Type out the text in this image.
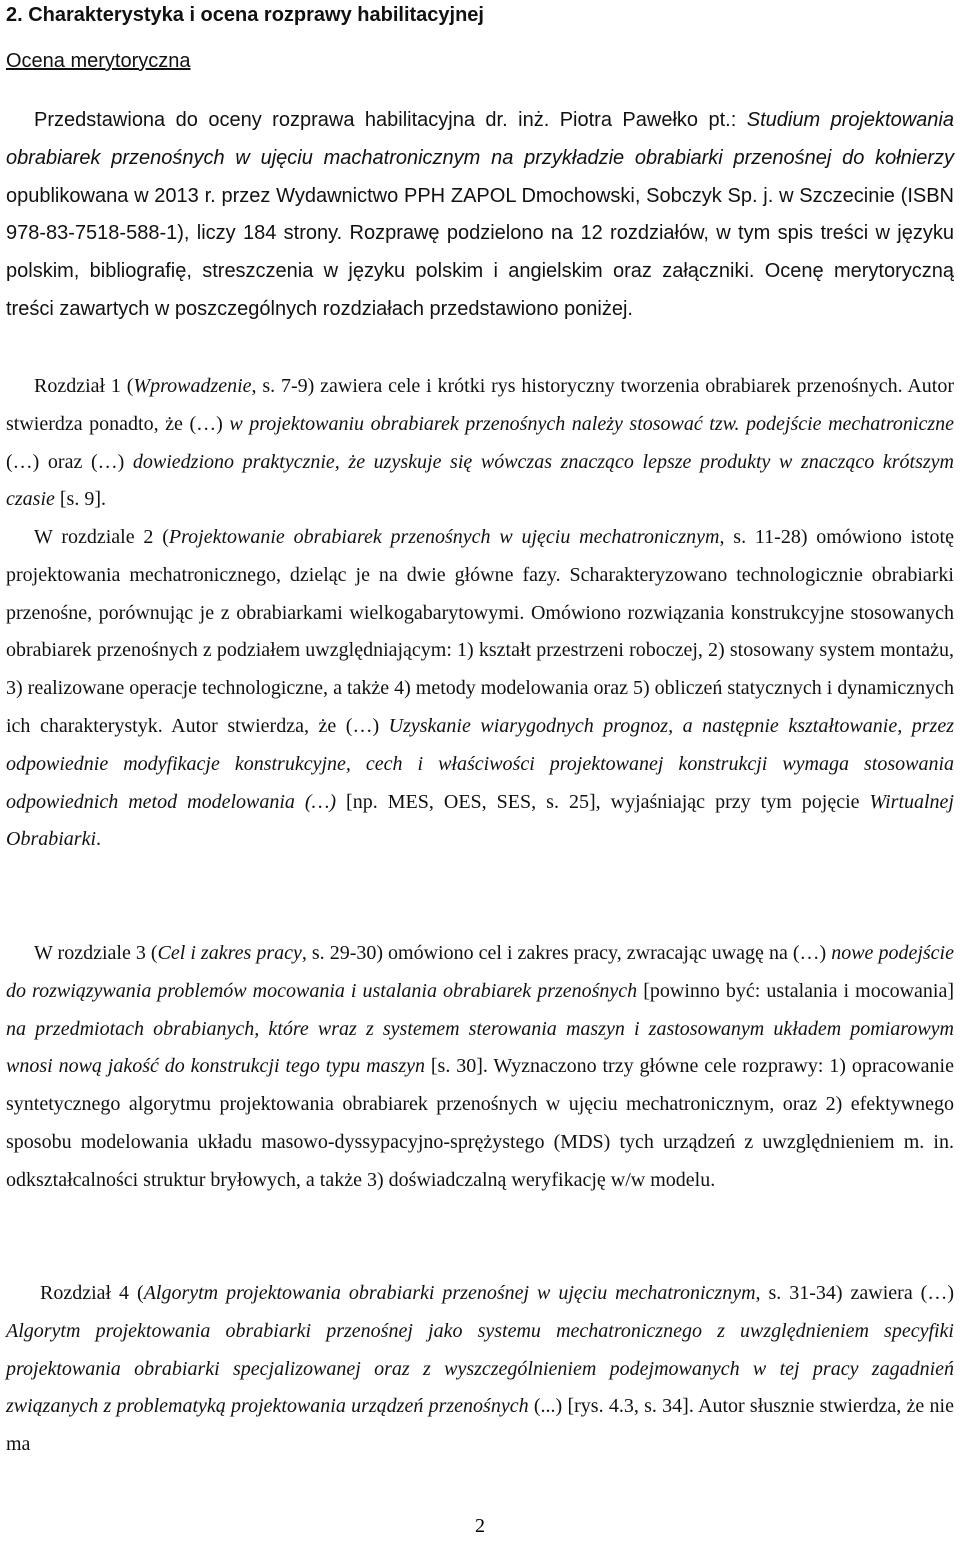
2. Charakterystyka i ocena rozprawy habilitacyjnej
Ocena merytoryczna

Przedstawiona do oceny rozprawa habilitacyjna dr. inż. Piotra Pawełko pt.: Studium projektowania obrabiarek przenośnych w ujęciu machatronicznym na przykładzie obrabiarki przenośnej do kołnierzy opublikowana w 2013 r. przez Wydawnictwo PPH ZAPOL Dmochowski, Sobczyk Sp. j. w Szczecinie (ISBN 978-83-7518-588-1), liczy 184 strony. Rozprawę podzielono na 12 rozdziałów, w tym spis treści w języku polskim, bibliografię, streszczenia w języku polskim i angielskim oraz załączniki. Ocenę merytoryczną treści zawartych w poszczególnych rozdziałach przedstawiono poniżej.

Rozdział 1 (Wprowadzenie, s. 7-9) zawiera cele i krótki rys historyczny tworzenia obrabiarek przenośnych. Autor stwierdza ponadto, że (…) w projektowaniu obrabiarek przenośnych należy stosować tzw. podejście mechatroniczne (…) oraz (…) dowiedziono praktycznie, że uzyskuje się wówczas znacząco lepsze produkty w znacząco krótszym czasie [s. 9].

W rozdziale 2 (Projektowanie obrabiarek przenośnych w ujęciu mechatronicznym, s. 11-28) omówiono istotę projektowania mechatronicznego, dzieląc je na dwie główne fazy. Scharakteryzowano technologicznie obrabiarki przenośne, porównując je z obrabiarkami wielkogabarytowymi. Omówiono rozwiązania konstrukcyjne stosowanych obrabiarek przenośnych z podziałem uwzględniającym: 1) kształt przestrzeni roboczej, 2) stosowany system montażu, 3) realizowane operacje technologiczne, a także 4) metody modelowania oraz 5) obliczeń statycznych i dynamicznych ich charakterystyk. Autor stwierdza, że (…) Uzyskanie wiarygodnych prognoz, a następnie kształtowanie, przez odpowiednie modyfikacje konstrukcyjne, cech i właściwości projektowanej konstrukcji wymaga stosowania odpowiednich metod modelowania (…) [np. MES, OES, SES, s. 25], wyjaśniając przy tym pojęcie Wirtualnej Obrabiarki.

W rozdziale 3 (Cel i zakres pracy, s. 29-30) omówiono cel i zakres pracy, zwracając uwagę na (…) nowe podejście do rozwiązywania problemów mocowania i ustalania obrabiarek przenośnych [powinno być: ustalania i mocowania] na przedmiotach obrabianych, które wraz z systemem sterowania maszyn i zastosowanym układem pomiarowym wnosi nową jakość do konstrukcji tego typu maszyn [s. 30]. Wyznaczono trzy główne cele rozprawy: 1) opracowanie syntetycznego algorytmu projektowania obrabiarek przenośnych w ujęciu mechatronicznym, oraz 2) efektywnego sposobu modelowania układu masowo-dyssypacyjno-sprężystego (MDS) tych urządzeń z uwzględnieniem m. in. odkształcalności struktur bryłowych, a także 3) doświadczalną weryfikację w/w modelu.

Rozdział 4 (Algorytm projektowania obrabiarki przenośnej w ujęciu mechatronicznym, s. 31-34) zawiera (…) Algorytm projektowania obrabiarki przenośnej jako systemu mechatronicznego z uwzględnieniem specyfiki projektowania obrabiarki specjalizowanej oraz z wyszczególnieniem podejmowanych w tej pracy zagadnień związanych z problematyką projektowania urządzeń przenośnych (...) [rys. 4.3, s. 34]. Autor słusznie stwierdza, że nie ma

2
